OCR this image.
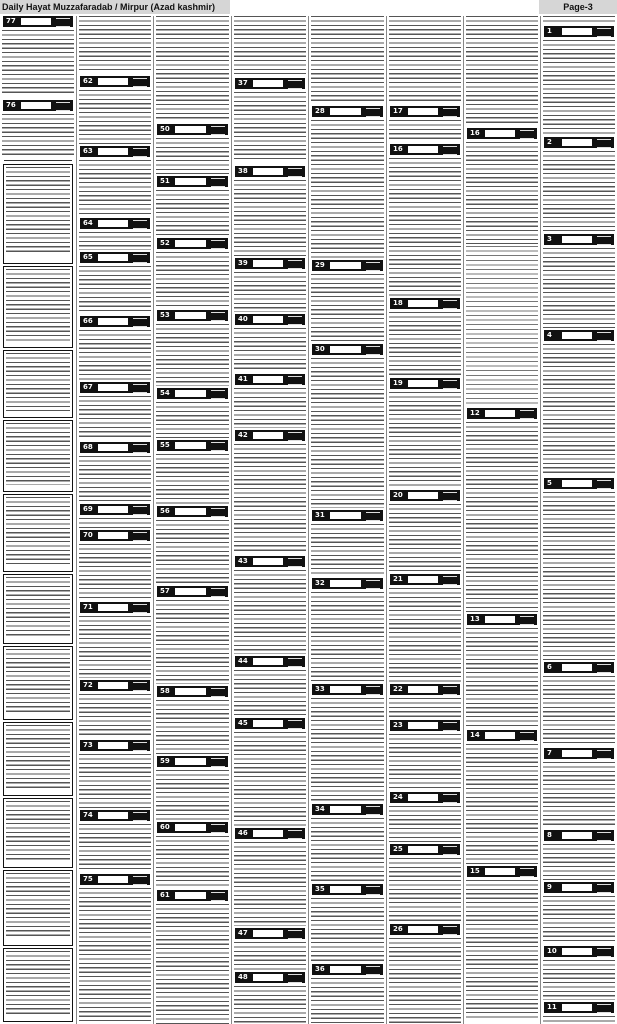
Daily Hayat Muzzafaradab / Mirpur (Azad kashmir)	Page-3
1
2
3
4
5
6
7
8
9
10
11
16
12
13
14
15
17
16
18
19
20
21
22
23
24
25
26
28
29
30
31
32
33
34
35
36
37
38
39
40
41
42
43
44
45
46
47
48
50
51
52
53
54
55
56
57
58
59
60
61
62
63
64
65
66
67
68
69
70
71
72
73
74
75
77
76
